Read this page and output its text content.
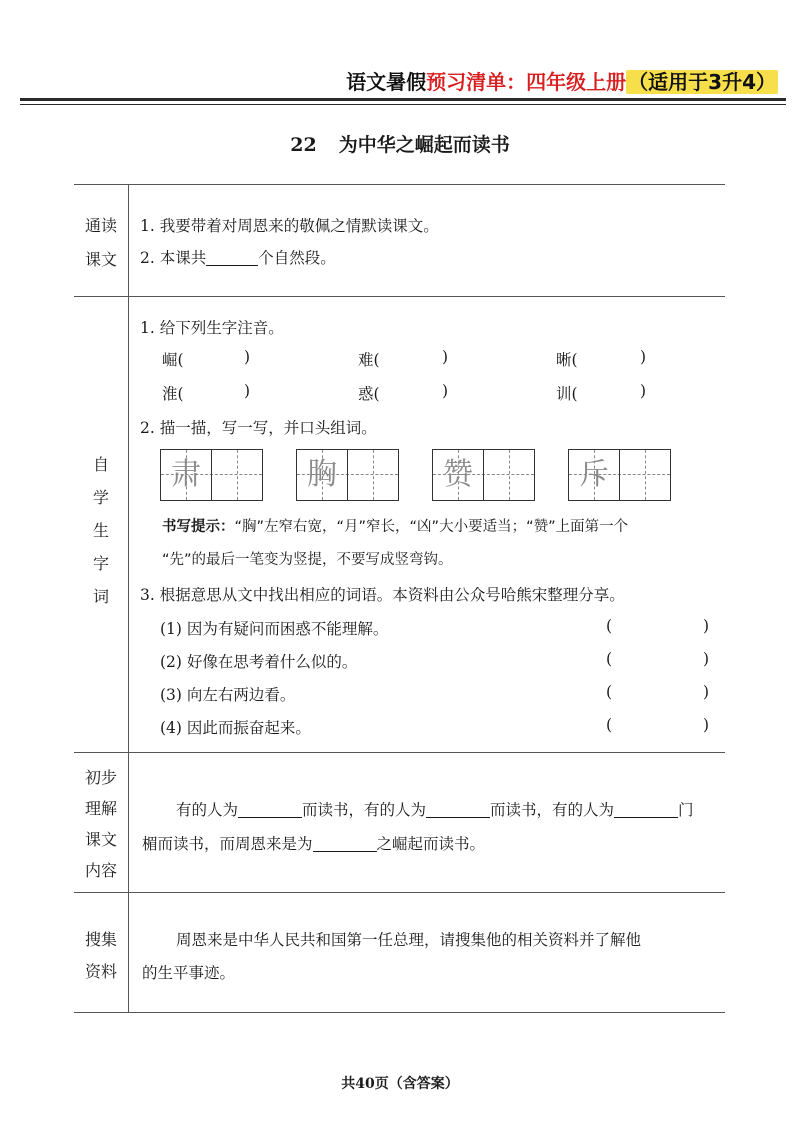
语文暑假预习清单：四年级上册 （适用于3升4）
22 为中华之崛起而读书
通读
课文
1. 我要带着对周恩来的敬佩之情默读课文。
2. 本课共	个自然段。
自
学
生
字
词
1. 给下列生字注音。
崛(	)	难(	)	晰(	)
淮(	)	惑(	)	训(	)
2. 描一描，写一写，并口头组词。
肃	胸	赞	斥
书写提示：“胸”左窄右宽，“月”窄长，“凶”大小要适当；“赞”上面第一个
“先”的最后一笔变为竖提，不要写成竖弯钩。
3. 根据意思从文中找出相应的词语。本资料由公众号哈熊宋整理分享。
(1) 因为有疑问而困惑不能理解。	(	)
(2) 好像在思考着什么似的。	(	)
(3) 向左右两边看。	(	)
(4) 因此而振奋起来。	(	)
初步
理解
课文
内容
有的人为	而读书，有的人为	而读书，有的人为	门
楣而读书，而周恩来是为	之崛起而读书。
搜集
资料
周恩来是中华人民共和国第一任总理，请搜集他的相关资料并了解他
的生平事迹。
共40页（含答案）
